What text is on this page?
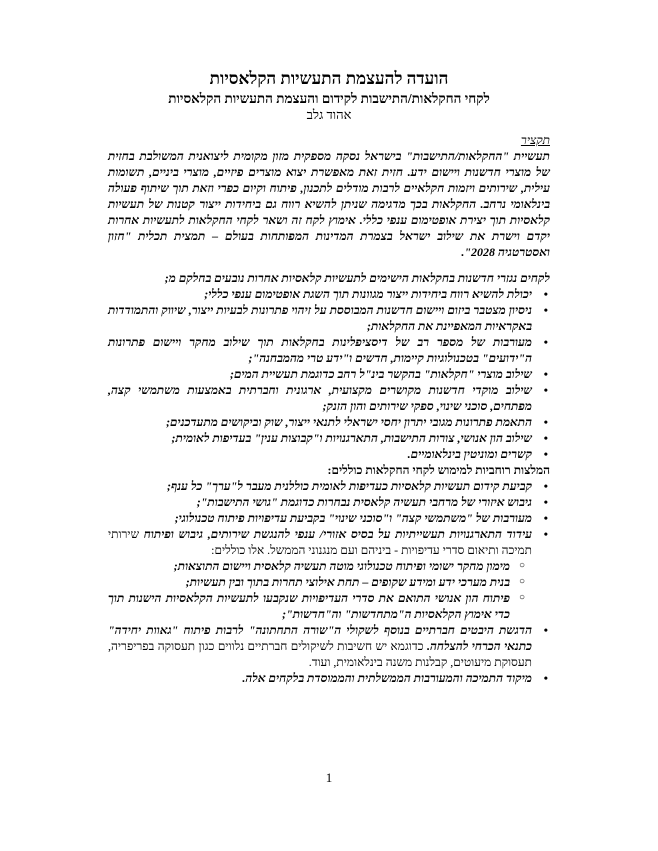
הועדה להעצמת התעשיות הקלאסיות
לקחי החקלאות/התישבות לקידום והעצמת התעשיות הקלאסיות
אהוד גלב
תקציר
תעשיית "החקלאות/התישבות" בישראל נסקה מספקית מזון מקומית ליצואנית המשולבת בחזית של מוצרי חדשנות ויישום ידע. חזית זאת מאפשרת יצוא מוצרים פיזיים, מוצרי ביניים, תשומות עילית, שירותים ויזמות חקלאיים לרבות מודלים לתכנון, פיתוח וקיום כפרי וזאת תוך שיתוף פעולה בינלאומי נרחב. החקלאות בכך מדגימה שניתן להשיא רווח גם ביחידות ייצור קטנות של תעשיות קלאסיות תוך יצירת אופטימום ענפי כללי. אימוץ לקח זה ושאר לקחי החקלאות לתעשיות אחרות יקדם וישרת את שילוב ישראל בצמרת המדינות המפותחות בעולם – תמצית תכלית "חזון ואסטרטגיה 2028".

לקחים נגזרי חדשנות בחקלאות הישימים לתעשיות קלאסיות אחרות נובעים בחלקם מ;

• יכולת להשיא רווח ביחידות ייצור מגוונות תוך השגת אופטימום ענפי כללי;
• ניסיון מצטבר ביזום ויישום חדשנות המבוססת על זיהוי פתרונות לבעיות ייצור, שיווק והתמודדות באקראיות המאפיינת את החקלאות;
• מעורבות של מספר רב של דיסציפלינות בחקלאות תוך שילוב מחקר ויישום פתרונות ה"ידועים" בטכנולוגיות קיימות, חדשים ו"ידע טרי מהמבחנה";
• שילוב מוצרי "חקלאות" בהקשר בינ"ל רחב כדוגמת תעשיית המים;
• שילוב מוקדי חדשנות מקושרים מקצועית, ארגונית וחברתית באמצעות משתמשי קצה, מפתחים, סוכני שינוי, ספקי שירותים והון הזנק;
• התאמת פתרונות מגובי יתרון יחסי ישראלי לתנאי ייצור, שוק וביקושים מתעדכנים;
• שילוב הון אנושי, צורות התישבות, התארגנויות ו"קבוצות ענין" בעדיפות לאומית;
• קשרים ומוניטין בינלאומיים.

המלצות רוחביות למימוש לקחי החקלאות כוללים:

• קביעת קידום תעשיות קלאסיות כעדיפות לאומית כוללנית מעבר ל"ערך" כל ענף;
• גיבוש איזורי של מרחבי תעשיה קלאסית נבחרות כדוגמת "גושי התישבות";
• מעורבות של "משתמשי קצה" ו"סוכני שינוי" בקביעת עדיפויות פיתוח טכנולוגי;
• עידוד התארגנויות תעשייתיות על בסיס אזורי/ ענפי להנגשת שירותים, גיבוש ופיתוח שירותי תמיכה ותיאום סדרי עדיפויות - ביניהם ועם מנגנוני הממשל. אלו כוללים:
○ מימון מחקר ישומי ופיתוח טכנולוגי מוטה תעשיה קלאסית ויישום התוצאות;
○ בנית מערכי ידע ומידע שקופים – תחת אילוצי תחרות בתוך ובין תעשיות;
○ פיתוח הון אנושי התואם את סדרי העדיפויות שנקבעו לתעשיות הקלאסיות הישנות תוך כדי אימוץ הקלאסיות ה"מתחדשות" וה"חדשות";
• הדגשת היבטים חברתיים בנוסף לשקולי ה"שורה התחתונה" לרבות פיתוח "גאוות יחידה" כתנאי הכרחי להצלחה. כדוגמא יש חשיבות לשיקולים חברתיים נלווים כגון תעסוקה בפריפריה, תעסוקת מיעוטים, קבלנות משנה בינלאומית, ועוד.
• מיקוד התמיכה והמעורבות הממשלתית והממוסדת בלקחים אלה.
1
